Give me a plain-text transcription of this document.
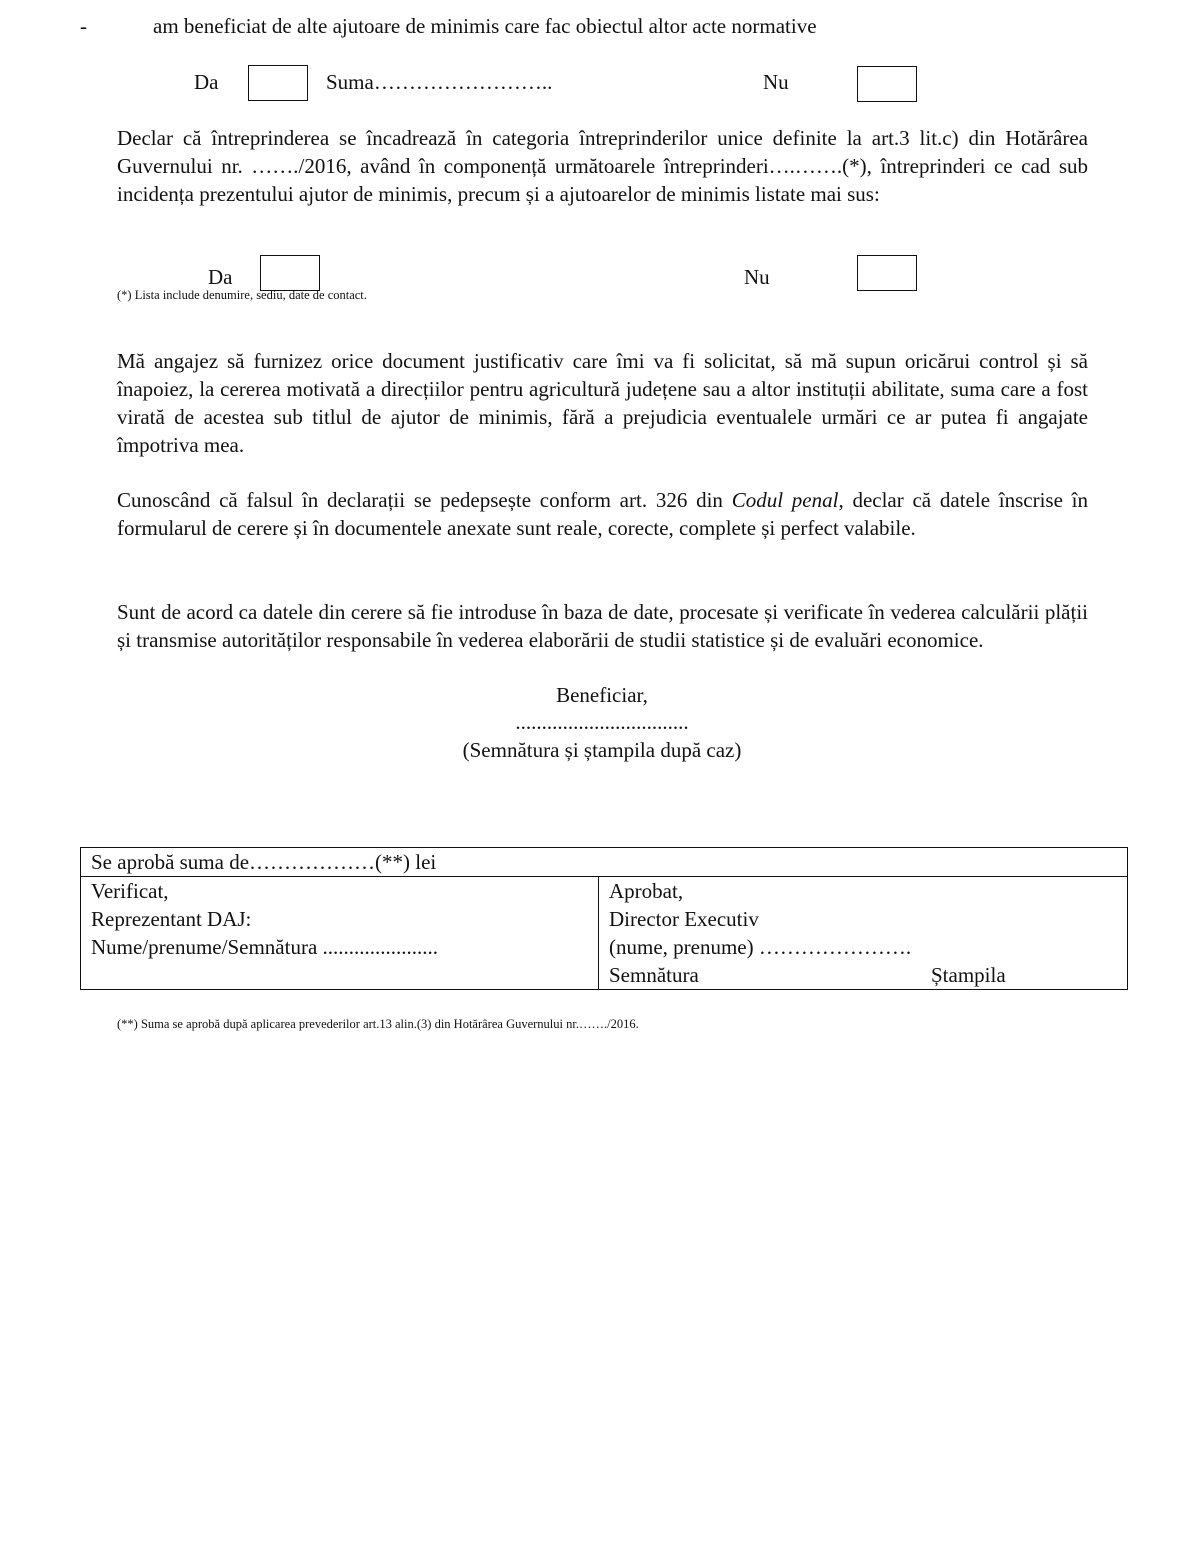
-	am beneficiat de alte ajutoare de minimis care fac obiectul altor acte normative
Da	Suma……………………..	Nu
Declar că întreprinderea se încadrează în categoria întreprinderilor unice definite la art.3 lit.c) din Hotărârea Guvernului nr. ……./2016, având în componență următoarele întreprinderi….…….(*), întreprinderi ce cad sub incidența prezentului ajutor de minimis, precum și a ajutoarelor de minimis listate mai sus:
Da	Nu
(*) Lista include denumire, sediu, date de contact.
Mă angajez să furnizez orice document justificativ care îmi va fi solicitat, să mă supun oricărui control și să înapoiez, la cererea motivată a direcțiilor pentru agricultură județene sau a altor instituții abilitate, suma care a fost virată de acestea sub titlul de ajutor de minimis, fără a prejudicia eventualele urmări ce ar putea fi angajate împotriva mea.
Cunoscând că falsul în declarații se pedepsește conform art. 326 din Codul penal, declar că datele înscrise în formularul de cerere și în documentele anexate sunt reale, corecte, complete și perfect valabile.
Sunt de acord ca datele din cerere să fie introduse în baza de date, procesate și verificate în vederea calculării plății și transmise autorităților responsabile în vederea elaborării de studii statistice și de evaluări economice.
Beneficiar,
.................................
(Semnătura și ștampila după caz)
Se aprobă suma de………………(**) lei

Verificat,
Reprezentant DAJ:
Nume/prenume/Semnătura ......................

Aprobat,
Director Executiv
(nume, prenume) ………………….
Semnătura	Ștampila
(**) Suma se aprobă după aplicarea prevederilor art.13 alin.(3) din Hotărârea Guvernului nr.……./2016.
